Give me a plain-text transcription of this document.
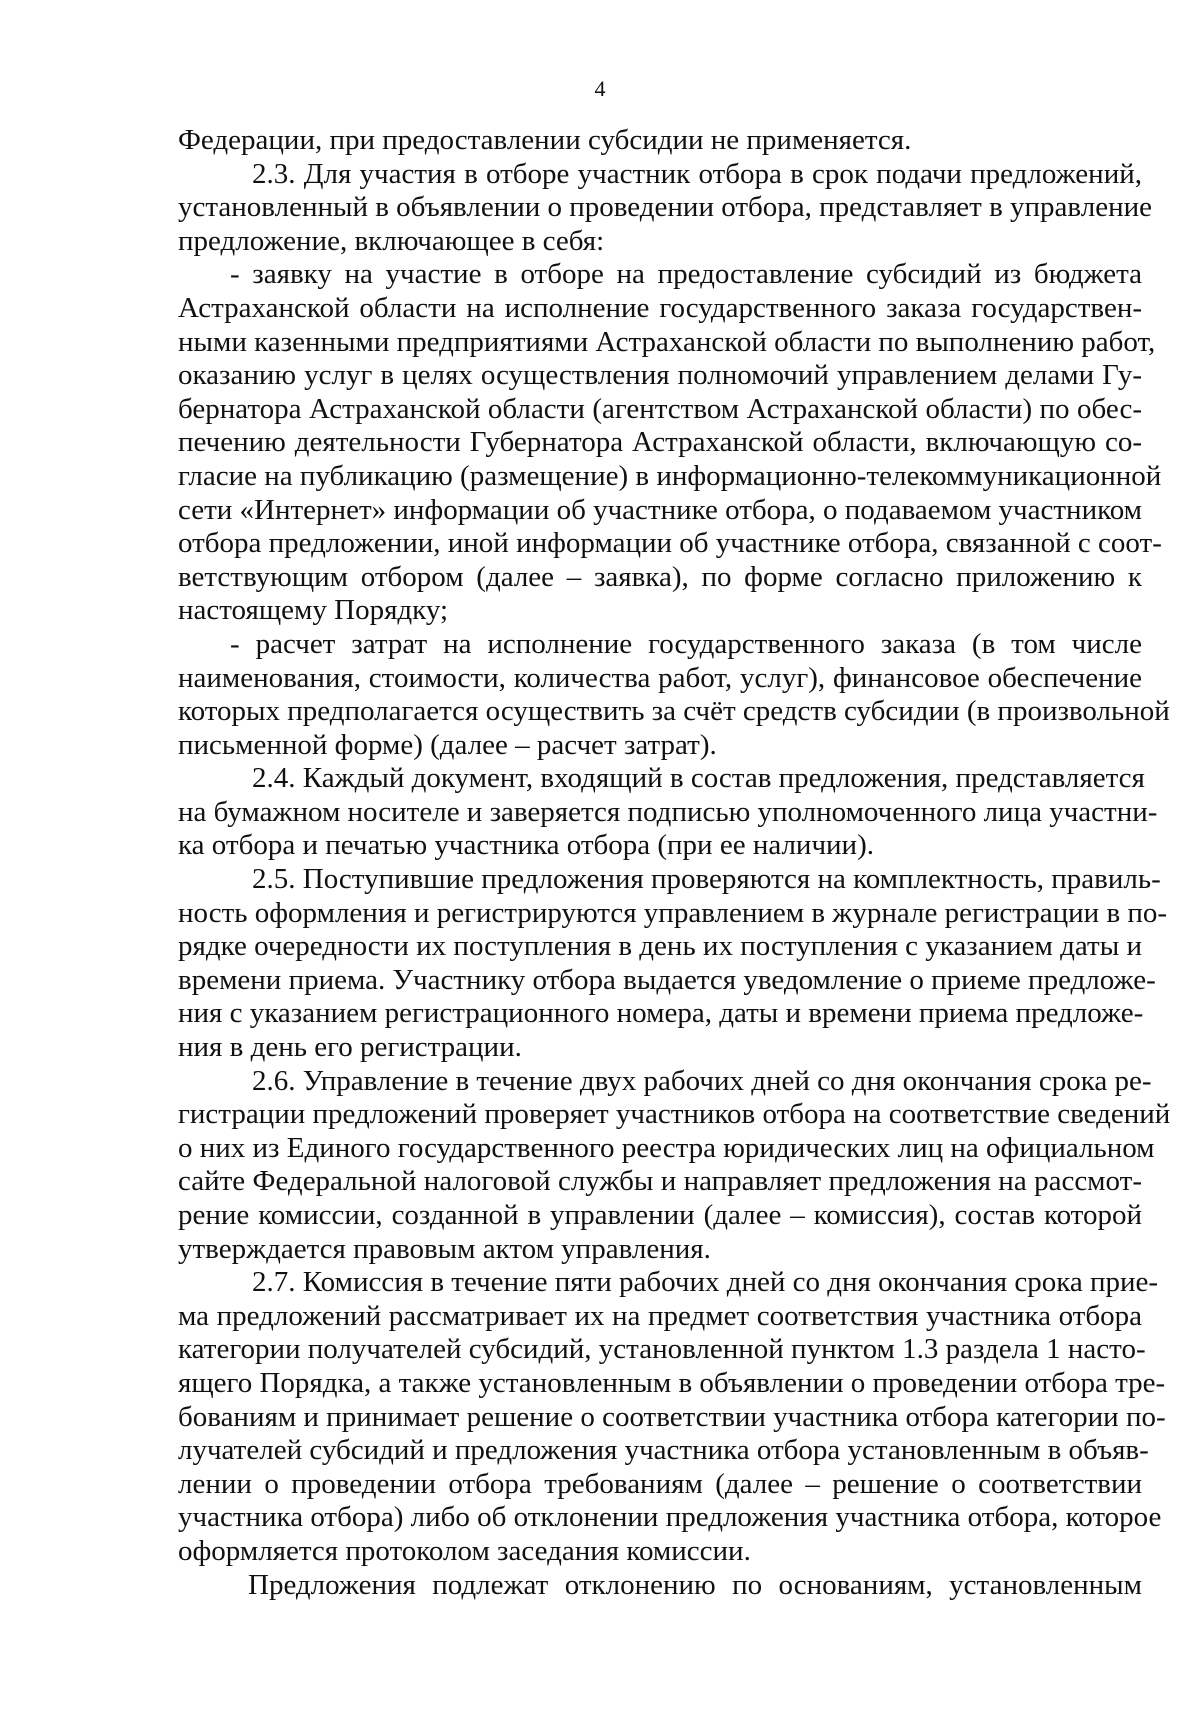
4
Федерации, при предоставлении субсидии не применяется.
2.3. Для участия в отборе участник отбора в срок подачи предложений,
установленный в объявлении о проведении отбора, представляет в управление
предложение, включающее в себя:
- заявку на участие в отборе на предоставление субсидий из бюджета
Астраханской области на исполнение государственного заказа государствен-
ными казенными предприятиями Астраханской области по выполнению работ,
оказанию услуг в целях осуществления полномочий управлением делами Гу-
бернатора Астраханской области (агентством Астраханской области) по обес-
печению деятельности Губернатора Астраханской области, включающую со-
гласие на публикацию (размещение) в информационно-телекоммуникационной
сети «Интернет» информации об участнике отбора, о подаваемом участником
отбора предложении, иной информации об участнике отбора, связанной с соот-
ветствующим отбором (далее – заявка), по форме согласно приложению к
настоящему Порядку;
- расчет затрат на исполнение государственного заказа (в том числе
наименования, стоимости, количества работ, услуг), финансовое обеспечение
которых предполагается осуществить за счёт средств субсидии (в произвольной
письменной форме) (далее – расчет затрат).
2.4. Каждый документ, входящий в состав предложения, представляется
на бумажном носителе и заверяется подписью уполномоченного лица участни-
ка отбора и печатью участника отбора (при ее наличии).
2.5. Поступившие предложения проверяются на комплектность, правиль-
ность оформления и регистрируются управлением в журнале регистрации в по-
рядке очередности их поступления в день их поступления с указанием даты и
времени приема. Участнику отбора выдается уведомление о приеме предложе-
ния с указанием регистрационного номера, даты и времени приема предложе-
ния в день его регистрации.
2.6. Управление в течение двух рабочих дней со дня окончания срока ре-
гистрации предложений проверяет участников отбора на соответствие сведений
о них из Единого государственного реестра юридических лиц на официальном
сайте Федеральной налоговой службы и направляет предложения на рассмот-
рение комиссии, созданной в управлении (далее – комиссия), состав которой
утверждается правовым актом управления.
2.7. Комиссия в течение пяти рабочих дней со дня окончания срока прие-
ма предложений рассматривает их на предмет соответствия участника отбора
категории получателей субсидий, установленной пунктом 1.3 раздела 1 насто-
ящего Порядка, а также установленным в объявлении о проведении отбора тре-
бованиям и принимает решение о соответствии участника отбора категории по-
лучателей субсидий и предложения участника отбора установленным в объяв-
лении о проведении отбора требованиям (далее – решение о соответствии
участника отбора) либо об отклонении предложения участника отбора, которое
оформляется протоколом заседания комиссии.
Предложения подлежат отклонению по основаниям, установленным
